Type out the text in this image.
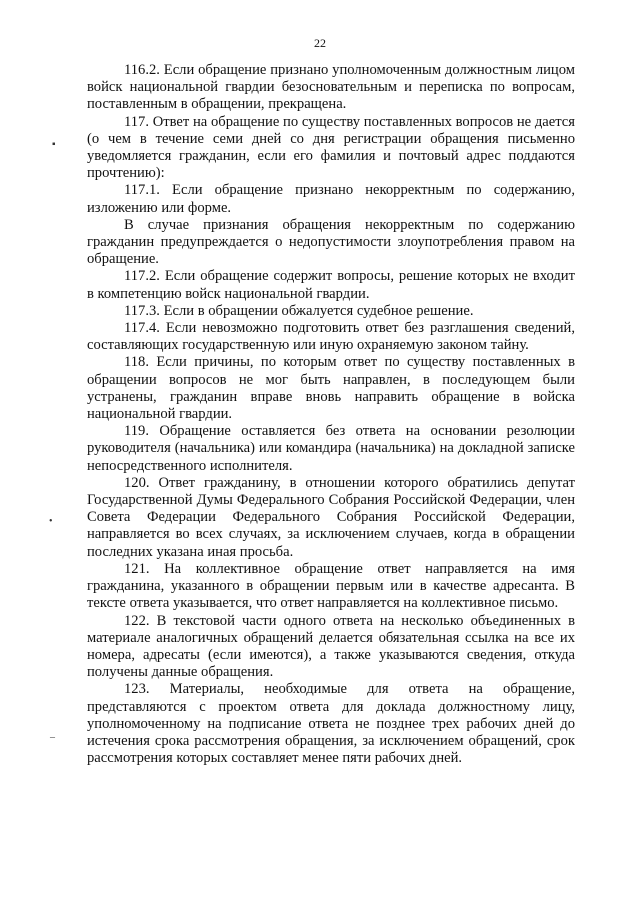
22
▪
•
–

116.2. Если обращение признано уполномоченным должностным лицом войск национальной гвардии безосновательным и переписка по вопросам, поставленным в обращении, прекращена.

117. Ответ на обращение по существу поставленных вопросов не дается (о чем в течение семи дней со дня регистрации обращения письменно уведомляется гражданин, если его фамилия и почтовый адрес поддаются прочтению):

117.1. Если обращение признано некорректным по содержанию, изложению или форме.

В случае признания обращения некорректным по содержанию гражданин предупреждается о недопустимости злоупотребления правом на обращение.

117.2. Если обращение содержит вопросы, решение которых не входит в компетенцию войск национальной гвардии.

117.3. Если в обращении обжалуется судебное решение.

117.4. Если невозможно подготовить ответ без разглашения сведений, составляющих государственную или иную охраняемую законом тайну.

118. Если причины, по которым ответ по существу поставленных в обращении вопросов не мог быть направлен, в последующем были устранены, гражданин вправе вновь направить обращение в войска национальной гвардии.

119. Обращение оставляется без ответа на основании резолюции руководителя (начальника) или командира (начальника) на докладной записке непосредственного исполнителя.

120. Ответ гражданину, в отношении которого обратились депутат Государственной Думы Федерального Собрания Российской Федерации, член Совета Федерации Федерального Собрания Российской Федерации, направляется во всех случаях, за исключением случаев, когда в обращении последних указана иная просьба.

121. На коллективное обращение ответ направляется на имя гражданина, указанного в обращении первым или в качестве адресанта. В тексте ответа указывается, что ответ направляется на коллективное письмо.

122. В текстовой части одного ответа на несколько объединенных в материале аналогичных обращений делается обязательная ссылка на все их номера, адресаты (если имеются), а также указываются сведения, откуда получены данные обращения.

123. Материалы, необходимые для ответа на обращение, представляются с проектом ответа для доклада должностному лицу, уполномоченному на подписание ответа не позднее трех рабочих дней до истечения срока рассмотрения обращения, за исключением обращений, срок рассмотрения которых составляет менее пяти рабочих дней.
